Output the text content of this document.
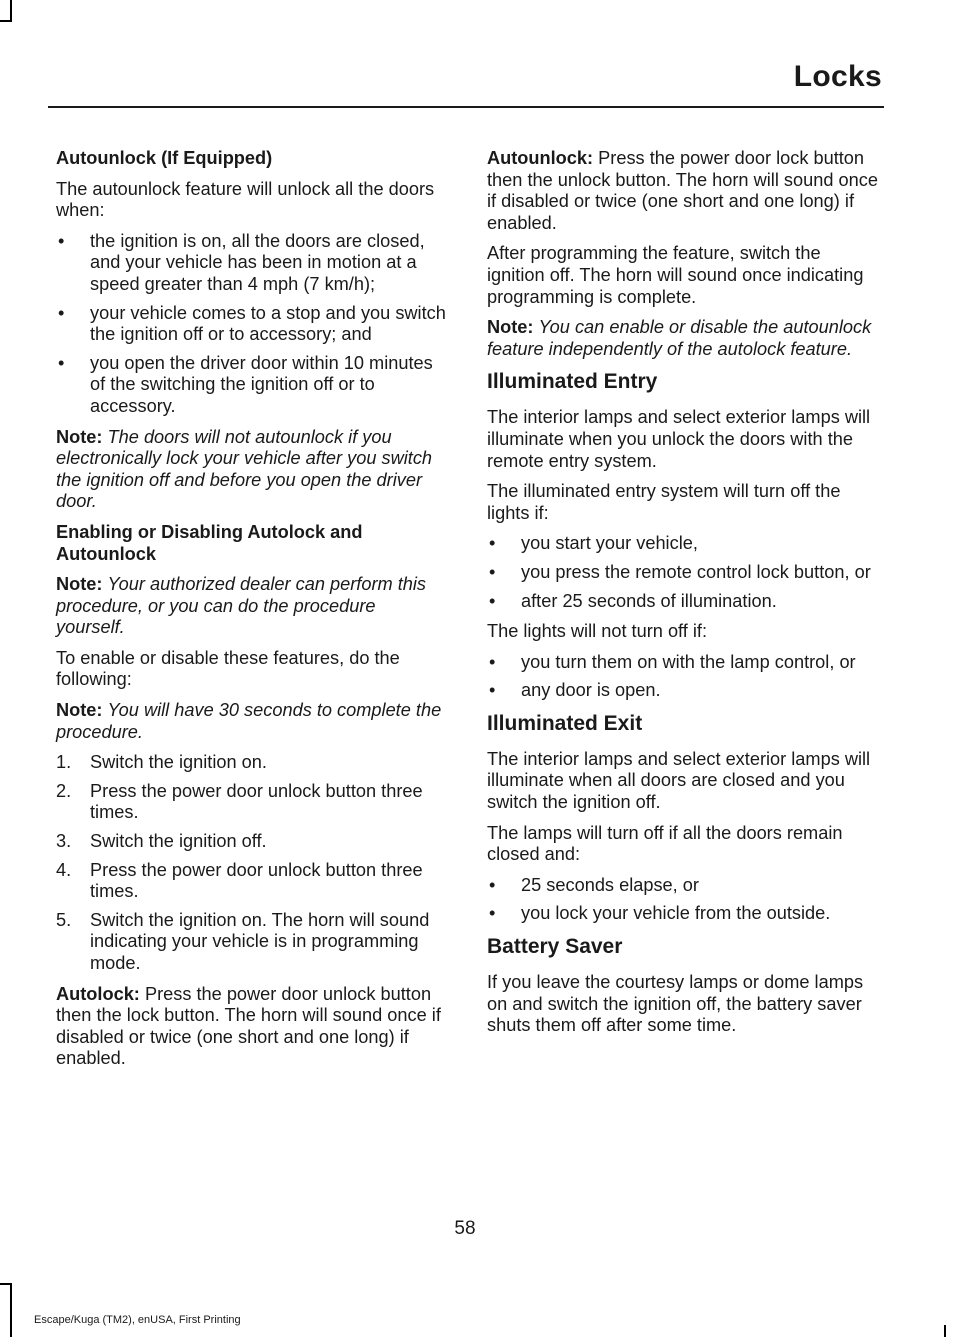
Locks
Autounlock (If Equipped)

The autounlock feature will unlock all the doors when:

• the ignition is on, all the doors are closed, and your vehicle has been in motion at a speed greater than 4 mph (7 km/h);
• your vehicle comes to a stop and you switch the ignition off or to accessory; and
• you open the driver door within 10 minutes of the switching the ignition off or to accessory.

Note: The doors will not autounlock if you electronically lock your vehicle after you switch the ignition off and before you open the driver door.

Enabling or Disabling Autolock and Autounlock

Note: Your authorized dealer can perform this procedure, or you can do the procedure yourself.

To enable or disable these features, do the following:

Note: You will have 30 seconds to complete the procedure.

1. Switch the ignition on.
2. Press the power door unlock button three times.
3. Switch the ignition off.
4. Press the power door unlock button three times.
5. Switch the ignition on. The horn will sound indicating your vehicle is in programming mode.

Autolock: Press the power door unlock button then the lock button. The horn will sound once if disabled or twice (one short and one long) if enabled.

Autounlock: Press the power door lock button then the unlock button. The horn will sound once if disabled or twice (one short and one long) if enabled.

After programming the feature, switch the ignition off. The horn will sound once indicating programming is complete.

Note: You can enable or disable the autounlock feature independently of the autolock feature.

Illuminated Entry

The interior lamps and select exterior lamps will illuminate when you unlock the doors with the remote entry system.

The illuminated entry system will turn off the lights if:

• you start your vehicle,
• you press the remote control lock button, or
• after 25 seconds of illumination.

The lights will not turn off if:

• you turn them on with the lamp control, or
• any door is open.
Illuminated Exit

The interior lamps and select exterior lamps will illuminate when all doors are closed and you switch the ignition off.

The lamps will turn off if all the doors remain closed and:

• 25 seconds elapse, or
• you lock your vehicle from the outside.
Battery Saver

If you leave the courtesy lamps or dome lamps on and switch the ignition off, the battery saver shuts them off after some time.

58
Escape/Kuga (TM2), enUSA, First Printing
